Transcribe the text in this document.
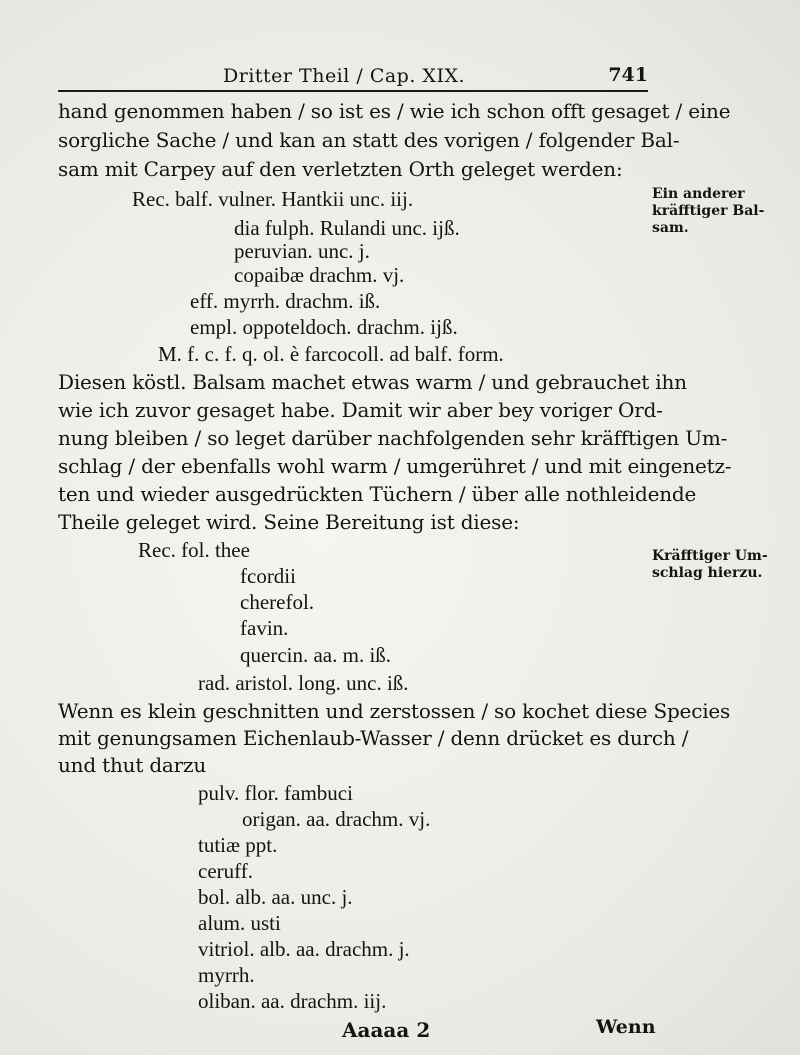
Dritter Theil / Cap. XIX.	741
hand genommen haben / so ist es / wie ich schon offt gesaget / eine
sorgliche Sache / und kan an statt des vorigen / folgender Bal-
sam mit Carpey auf den verletzten Orth geleget werden:
Rec. balf. vulner. Hantkii unc. iij.
dia fulph. Rulandi unc. ijß.
peruvian. unc. j.
copaibæ drachm. vj.
eff. myrrh. drachm. iß.
empl. oppoteldoch. drachm. ijß.
M. f. c. f. q. ol. è farcocoll. ad balf. form.
Diesen köstl. Balsam machet etwas warm / und gebrauchet ihn
wie ich zuvor gesaget habe. Damit wir aber bey voriger Ord-
nung bleiben / so leget darüber nachfolgenden sehr kräfftigen Um-
schlag / der ebenfalls wohl warm / umgerühret / und mit eingenetz-
ten und wieder ausgedrückten Tüchern / über alle nothleidende
Theile geleget wird. Seine Bereitung ist diese:
Rec. fol. thee
fcordii
cherefol.
favin.
quercin. aa. m. iß.
rad. aristol. long. unc. iß.
Wenn es klein geschnitten und zerstossen / so kochet diese Species
mit genungsamen Eichenlaub-Wasser / denn drücket es durch /
und thut darzu
pulv. flor. fambuci
origan. aa. drachm. vj.
tutiæ ppt.
ceruff.
bol. alb. aa. unc. j.
alum. usti
vitriol. alb. aa. drachm. j.
myrrh.
oliban. aa. drachm. iij.
Ein anderer
kräfftiger Bal-
sam.
Kräfftiger Um-
schlag hierzu.
Aaaaa 2	Wenn
